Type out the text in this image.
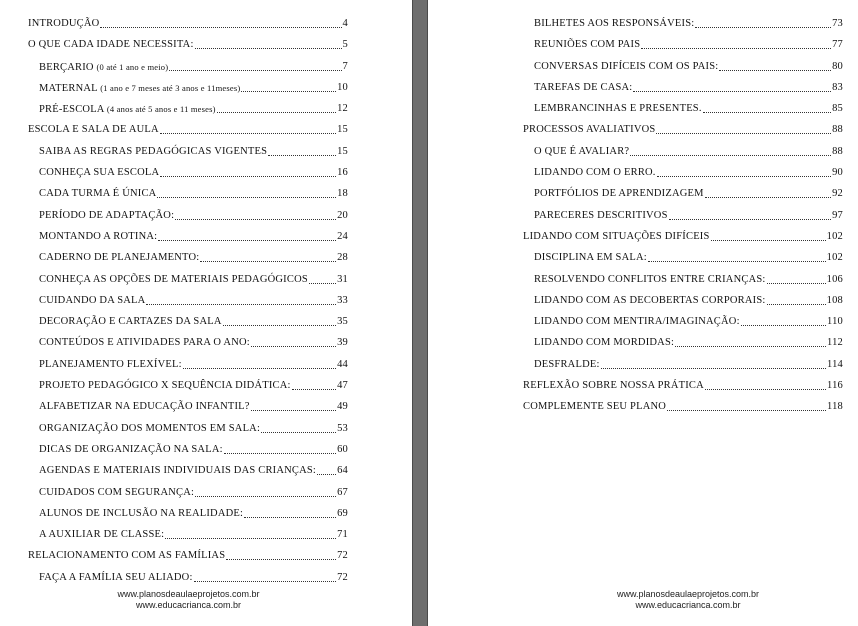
INTRODUÇÃO	4
O QUE CADA IDADE NECESSITA:	5
BERÇARIO (0 até 1 ano e meio)	7
MATERNAL (1 ano e 7 meses até 3 anos e 11meses)	10
PRÉ-ESCOLA (4 anos até 5 anos e 11 meses)	12
ESCOLA E SALA DE AULA	15
SAIBA AS REGRAS PEDAGÓGICAS VIGENTES	15
CONHEÇA SUA ESCOLA	16
CADA TURMA É ÚNICA	18
PERÍODO DE ADAPTAÇÃO:	20
MONTANDO A ROTINA:	24
CADERNO DE PLANEJAMENTO:	28
CONHEÇA AS OPÇÕES DE MATERIAIS PEDAGÓGICOS	31
CUIDANDO DA SALA	33
DECORAÇÃO E CARTAZES DA SALA	35
CONTEÚDOS E ATIVIDADES PARA O ANO:	39
PLANEJAMENTO FLEXÍVEL:	44
PROJETO PEDAGÓGICO X SEQUÊNCIA DIDÁTICA:	47
ALFABETIZAR NA EDUCAÇÃO INFANTIL?	49
ORGANIZAÇÃO DOS MOMENTOS EM SALA:	53
DICAS DE ORGANIZAÇÃO NA SALA:	60
AGENDAS E MATERIAIS INDIVIDUAIS DAS CRIANÇAS: 64
CUIDADOS COM SEGURANÇA:	67
ALUNOS DE INCLUSÃO NA REALIDADE:	69
A AUXILIAR DE CLASSE:	71
RELACIONAMENTO COM AS FAMÍLIAS	72
FAÇA A FAMÍLIA SEU ALIADO:	72
www.planosdeaulaeprojetos.com.br
www.educacrianca.com.br
BILHETES AOS RESPONSÁVEIS:	73
REUNIÕES COM PAIS	77
CONVERSAS DIFÍCEIS COM OS PAIS:	80
TAREFAS DE CASA:	83
LEMBRANCINHAS E PRESENTES.	85
PROCESSOS AVALIATIVOS	88
O QUE É AVALIAR?	88
LIDANDO COM O ERRO.	90
PORTFÓLIOS DE APRENDIZAGEM	92
PARECERES DESCRITIVOS	97
LIDANDO COM SITUAÇÕES DIFÍCEIS	102
DISCIPLINA EM SALA:	102
RESOLVENDO CONFLITOS ENTRE CRIANÇAS:	106
LIDANDO COM AS DECOBERTAS CORPORAIS:	108
LIDANDO COM MENTIRA/IMAGINAÇÃO:	110
LIDANDO COM MORDIDAS:	112
DESFRALDE:	114
REFLEXÃO SOBRE NOSSA PRÁTICA	116
COMPLEMENTE SEU PLANO	118
www.planosdeaulaeprojetos.com.br
www.educacrianca.com.br
